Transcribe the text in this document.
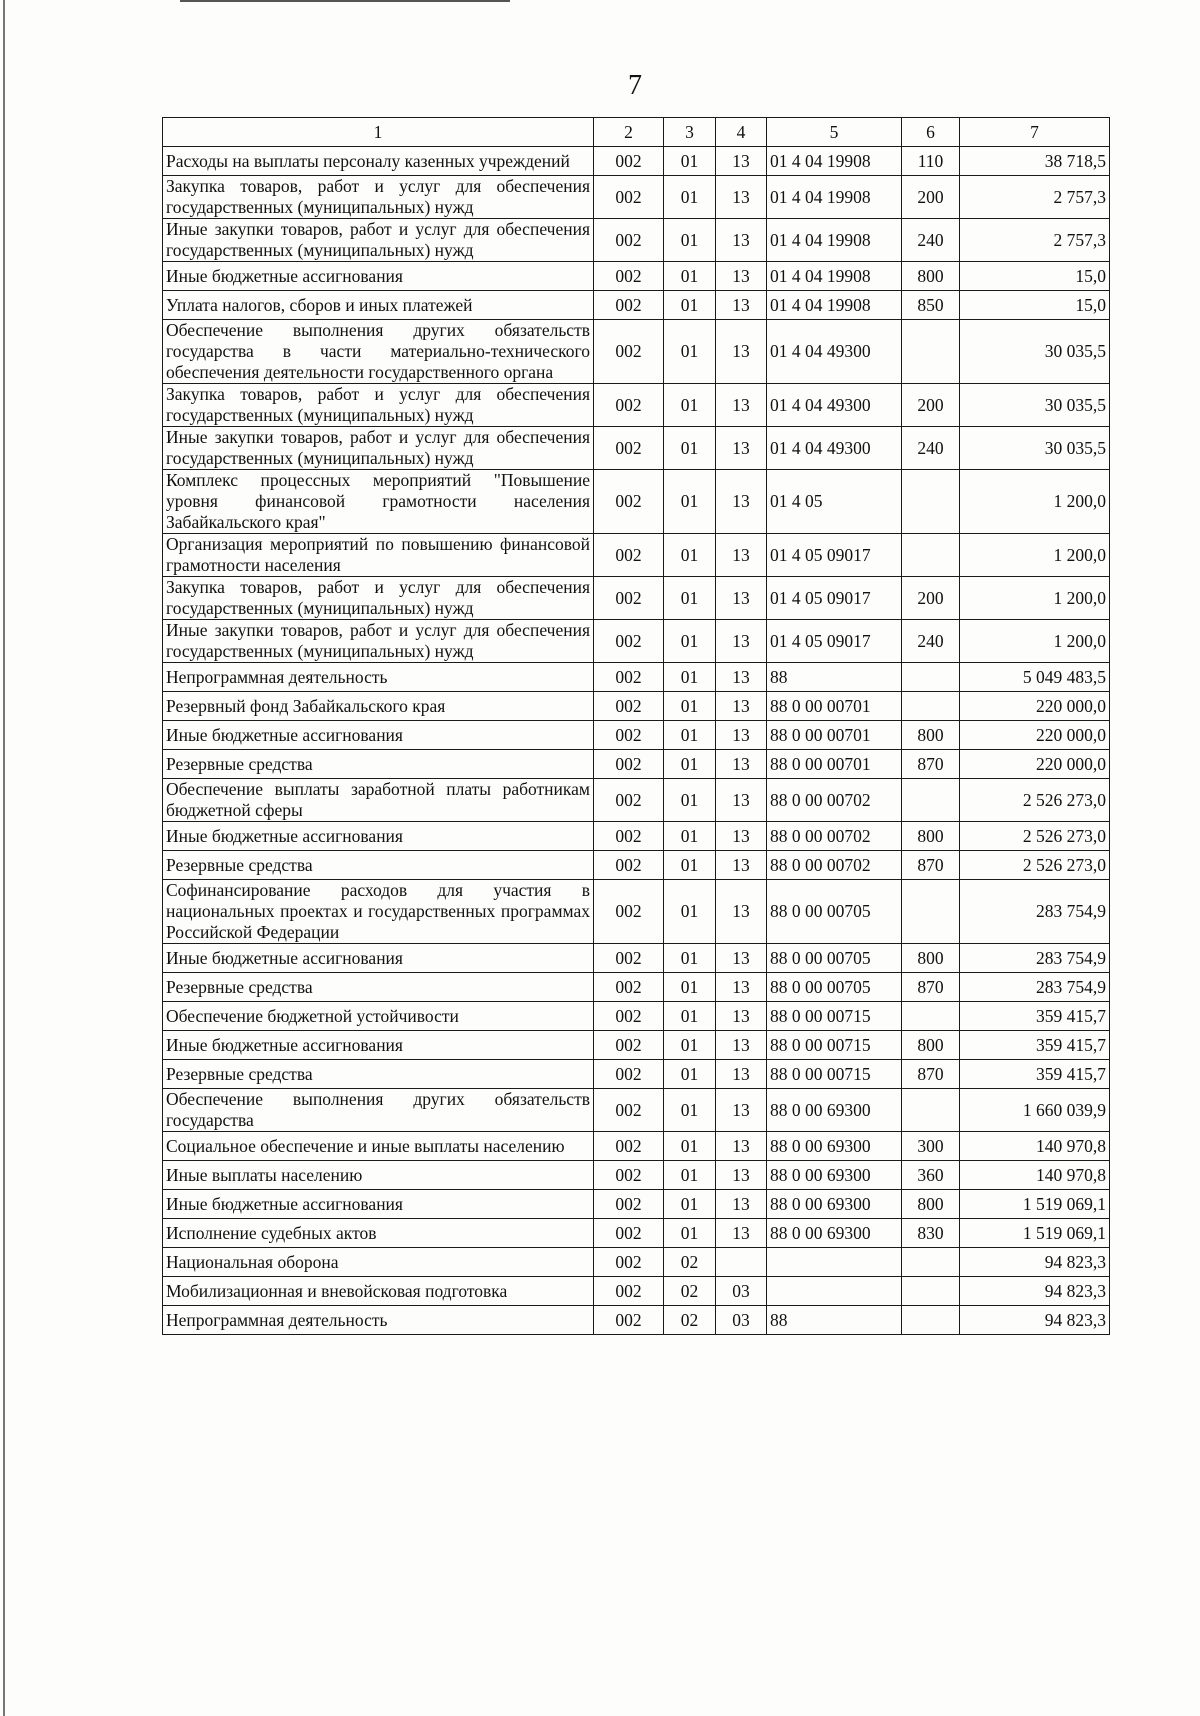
7
1	2	3	4	5	6	7
Расходы на выплаты персоналу казенных учреждений	002	01	13	01 4 04 19908	110	38 718,5
Закупка товаров, работ и услуг для обеспечения государственных (муниципальных) нужд	002	01	13	01 4 04 19908	200	2 757,3
Иные закупки товаров, работ и услуг для обеспечения государственных (муниципальных) нужд	002	01	13	01 4 04 19908	240	2 757,3
Иные бюджетные ассигнования	002	01	13	01 4 04 19908	800	15,0
Уплата налогов, сборов и иных платежей	002	01	13	01 4 04 19908	850	15,0
Обеспечение выполнения других обязательств государства в части материально-технического обеспечения деятельности государственного органа	002	01	13	01 4 04 49300		30 035,5
Закупка товаров, работ и услуг для обеспечения государственных (муниципальных) нужд	002	01	13	01 4 04 49300	200	30 035,5
Иные закупки товаров, работ и услуг для обеспечения государственных (муниципальных) нужд	002	01	13	01 4 04 49300	240	30 035,5
Комплекс процессных мероприятий "Повышение уровня финансовой грамотности населения Забайкальского края"	002	01	13	01 4 05		1 200,0
Организация мероприятий по повышению финансовой грамотности населения	002	01	13	01 4 05 09017		1 200,0
Закупка товаров, работ и услуг для обеспечения государственных (муниципальных) нужд	002	01	13	01 4 05 09017	200	1 200,0
Иные закупки товаров, работ и услуг для обеспечения государственных (муниципальных) нужд	002	01	13	01 4 05 09017	240	1 200,0
Непрограммная деятельность	002	01	13	88		5 049 483,5
Резервный фонд Забайкальского края	002	01	13	88 0 00 00701		220 000,0
Иные бюджетные ассигнования	002	01	13	88 0 00 00701	800	220 000,0
Резервные средства	002	01	13	88 0 00 00701	870	220 000,0
Обеспечение выплаты заработной платы работникам бюджетной сферы	002	01	13	88 0 00 00702		2 526 273,0
Иные бюджетные ассигнования	002	01	13	88 0 00 00702	800	2 526 273,0
Резервные средства	002	01	13	88 0 00 00702	870	2 526 273,0
Софинансирование расходов для участия в национальных проектах и государственных программах Российской Федерации	002	01	13	88 0 00 00705		283 754,9
Иные бюджетные ассигнования	002	01	13	88 0 00 00705	800	283 754,9
Резервные средства	002	01	13	88 0 00 00705	870	283 754,9
Обеспечение бюджетной устойчивости	002	01	13	88 0 00 00715		359 415,7
Иные бюджетные ассигнования	002	01	13	88 0 00 00715	800	359 415,7
Резервные средства	002	01	13	88 0 00 00715	870	359 415,7
Обеспечение выполнения других обязательств государства	002	01	13	88 0 00 69300		1 660 039,9
Социальное обеспечение и иные выплаты населению	002	01	13	88 0 00 69300	300	140 970,8
Иные выплаты населению	002	01	13	88 0 00 69300	360	140 970,8
Иные бюджетные ассигнования	002	01	13	88 0 00 69300	800	1 519 069,1
Исполнение судебных актов	002	01	13	88 0 00 69300	830	1 519 069,1
Национальная оборона	002	02				94 823,3
Мобилизационная и вневойсковая подготовка	002	02	03			94 823,3
Непрограммная деятельность	002	02	03	88		94 823,3
